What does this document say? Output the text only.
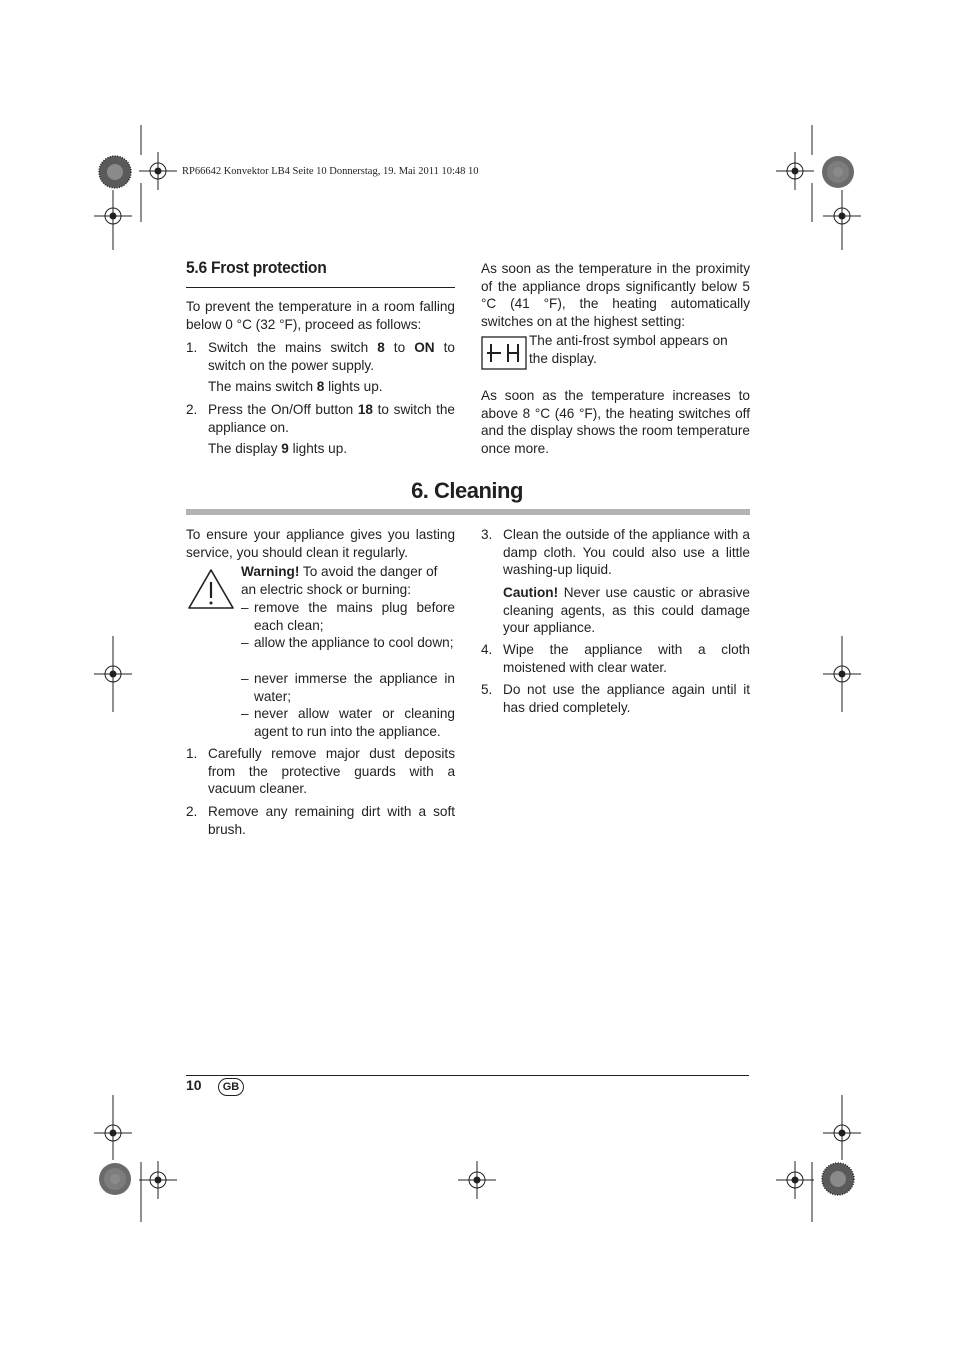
RP66642 Konvektor LB4 Seite 10 Donnerstag, 19. Mai 2011 10:48 10
5.6 Frost protection
To prevent the temperature in a room falling below 0 °C (32 °F), proceed as follows:
1. Switch the mains switch 8 to ON to switch on the power supply.
The mains switch 8 lights up.
2. Press the On/Off button 18 to switch the appliance on.
The display 9 lights up.
As soon as the temperature in the proximity of the appliance drops significantly below 5 °C (41 °F), the heating automatically switches on at the highest setting:
The anti-frost symbol appears on the display.
As soon as the temperature increases to above 8 °C (46 °F), the heating switches off and the display shows the room temperature once more.
6. Cleaning
To ensure your appliance gives you lasting service, you should clean it regularly.
Warning! To avoid the danger of an electric shock or burning:
– remove the mains plug before each clean;
– allow the appliance to cool down;
– never immerse the appliance in water;
– never allow water or cleaning agent to run into the appliance.
1. Carefully remove major dust deposits from the protective guards with a vacuum cleaner.
2. Remove any remaining dirt with a soft brush.
3. Clean the outside of the appliance with a damp cloth. You could also use a little washing-up liquid.
Caution! Never use caustic or abrasive cleaning agents, as this could damage your appliance.
4. Wipe the appliance with a cloth moistened with clear water.
5. Do not use the appliance again until it has dried completely.
10	GB
